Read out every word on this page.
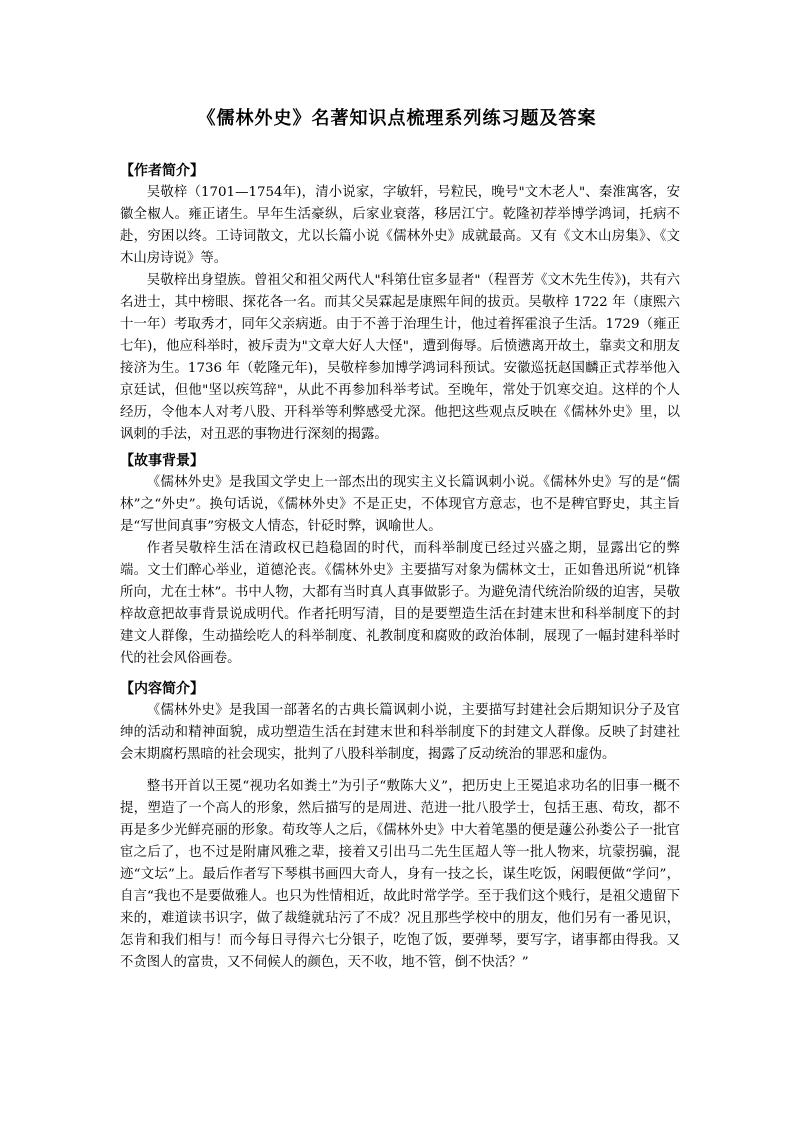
《儒林外史》名著知识点梳理系列练习题及答案

【作者简介】

吴敬梓（1701—1754年)，清小说家，字敏轩，号粒民，晚号"文木老人"、秦淮寓客，安徽全椒人。雍正诸生。早年生活豪纵，后家业衰落，移居江宁。乾隆初荐举博学鸿词，托病不赴，穷困以终。工诗词散文，尤以长篇小说《儒林外史》成就最高。又有《文木山房集》、《文木山房诗说》等。

吴敬梓出身望族。曾祖父和祖父两代人"科第仕宦多显者"（程晋芳《文木先生传》)，共有六名进士，其中榜眼、探花各一名。而其父吴霖起是康熙年间的拔贡。吴敬梓 1722 年（康熙六十一年）考取秀才，同年父亲病逝。由于不善于治理生计，他过着挥霍浪子生活。1729（雍正七年)，他应科举时，被斥责为"文章大好人大怪"，遭到侮辱。后愤懑离开故土，靠卖文和朋友接济为生。1736 年（乾隆元年)，吴敬梓参加博学鸿词科预试。安徽巡抚赵国麟正式荐举他入京廷试，但他"坚以疾笃辞"，从此不再参加科举考试。至晚年，常处于饥寒交迫。这样的个人经历，令他本人对考八股、开科举等利弊感受尤深。他把这些观点反映在《儒林外史》里，以讽刺的手法，对丑恶的事物进行深刻的揭露。

【故事背景】

《儒林外史》是我国文学史上一部杰出的现实主义长篇讽刺小说。《儒林外史》写的是“儒林”之“外史”。换句话说，《儒林外史》不是正史，不体现官方意志，也不是稗官野史，其主旨是“写世间真事”穷极文人情态，针砭时弊，讽喻世人。

作者吴敬梓生活在清政权已趋稳固的时代，而科举制度已经过兴盛之期，显露出它的弊端。文士们醉心举业，道德沦丧。《儒林外史》主要描写对象为儒林文士，正如鲁迅所说“机锋所向，尤在士林”。书中人物，大都有当时真人真事做影子。为避免清代统治阶级的迫害，吴敬梓故意把故事背景说成明代。作者托明写清，目的是要塑造生活在封建末世和科举制度下的封建文人群像，生动描绘吃人的科举制度、礼教制度和腐败的政治体制，展现了一幅封建科举时代的社会风俗画卷。

【内容简介】

《儒林外史》是我国一部著名的古典长篇讽刺小说，主要描写封建社会后期知识分子及官绅的活动和精神面貌，成功塑造生活在封建末世和科举制度下的封建文人群像。反映了封建社会末期腐朽黑暗的社会现实，批判了八股科举制度，揭露了反动统治的罪恶和虚伪。

整书开首以王冕“视功名如粪土”为引子“敷陈大义”，把历史上王冕追求功名的旧事一概不提，塑造了一个高人的形象，然后描写的是周进、范进一批八股学士，包括王惠、荀玫，都不再是多少光鲜亮丽的形象。荀玫等人之后，《儒林外史》中大着笔墨的便是蘧公孙娄公子一批官宦之后了，也不过是附庸风雅之辈，接着又引出马二先生匡超人等一批人物来，坑蒙拐骗，混迹“文坛”上。最后作者写下琴棋书画四大奇人，身有一技之长，谋生吃饭，闲暇便做“学问”，自言“我也不是要做雅人。也只为性情相近，故此时常学学。至于我们这个贱行，是祖父遗留下来的，难道读书识字，做了裁缝就玷污了不成？况且那些学校中的朋友，他们另有一番见识，怎肯和我们相与！而今每日寻得六七分银子，吃饱了饭，要弹琴，要写字，诸事都由得我。又不贪图人的富贵，又不伺候人的颜色，天不收，地不管，倒不快活？”
